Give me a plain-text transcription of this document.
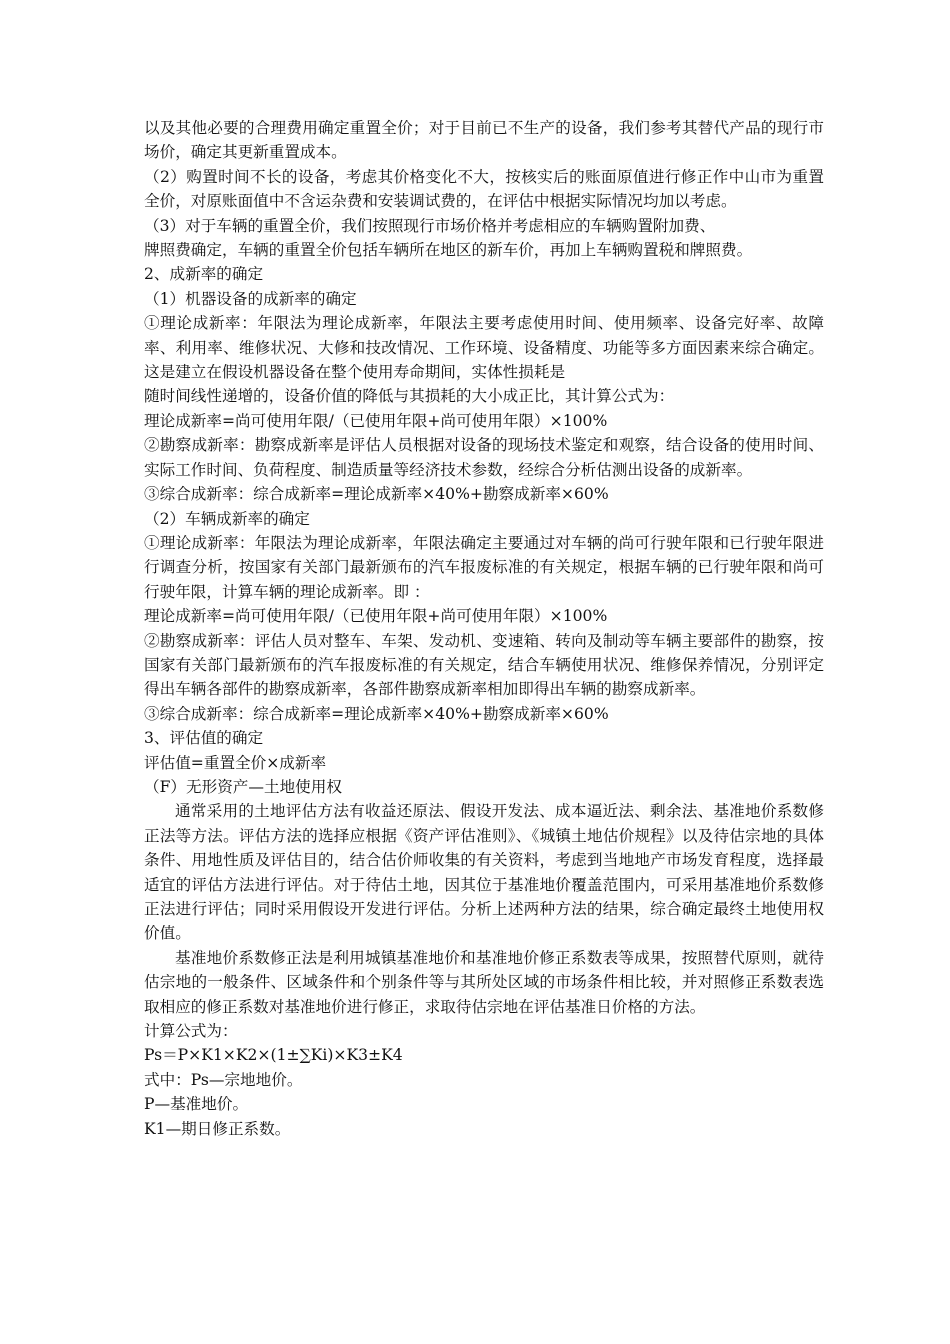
以及其他必要的合理费用确定重置全价；对于目前已不生产的设备，我们参考其替代产品的现行市场价，确定其更新重置成本。

（2）购置时间不长的设备，考虑其价格变化不大，按核实后的账面原值进行修正作中山市为重置全价，对原账面值中不含运杂费和安装调试费的，在评估中根据实际情况均加以考虑。

（3）对于车辆的重置全价，我们按照现行市场价格并考虑相应的车辆购置附加费、

牌照费确定，车辆的重置全价包括车辆所在地区的新车价，再加上车辆购置税和牌照费。

2、成新率的确定

（1）机器设备的成新率的确定

①理论成新率：年限法为理论成新率，年限法主要考虑使用时间、使用频率、设备完好率、故障率、利用率、维修状况、大修和技改情况、工作环境、设备精度、功能等多方面因素来综合确定。这是建立在假设机器设备在整个使用寿命期间，实体性损耗是

随时间线性递增的，设备价值的降低与其损耗的大小成正比，其计算公式为：

理论成新率=尚可使用年限/（已使用年限+尚可使用年限）×100%

②勘察成新率：勘察成新率是评估人员根据对设备的现场技术鉴定和观察，结合设备的使用时间、实际工作时间、负荷程度、制造质量等经济技术参数，经综合分析估测出设备的成新率。

③综合成新率：综合成新率=理论成新率×40%+勘察成新率×60%

（2）车辆成新率的确定

①理论成新率：年限法为理论成新率，年限法确定主要通过对车辆的尚可行驶年限和已行驶年限进行调查分析，按国家有关部门最新颁布的汽车报废标准的有关规定，根据车辆的已行驶年限和尚可行驶年限，计算车辆的理论成新率。即 ：

理论成新率=尚可使用年限/（已使用年限+尚可使用年限）×100%

②勘察成新率：评估人员对整车、车架、发动机、变速箱、转向及制动等车辆主要部件的勘察，按国家有关部门最新颁布的汽车报废标准的有关规定，结合车辆使用状况、维修保养情况，分别评定得出车辆各部件的勘察成新率，各部件勘察成新率相加即得出车辆的勘察成新率。

③综合成新率：综合成新率=理论成新率×40%+勘察成新率×60%

3、评估值的确定

评估值=重置全价×成新率

（F）无形资产—土地使用权

通常采用的土地评估方法有收益还原法、假设开发法、成本逼近法、剩余法、基准地价系数修正法等方法。评估方法的选择应根据《资产评估准则》、《城镇土地估价规程》以及待估宗地的具体条件、用地性质及评估目的，结合估价师收集的有关资料，考虑到当地地产市场发育程度，选择最适宜的评估方法进行评估。对于待估土地，因其位于基准地价覆盖范围内，可采用基准地价系数修正法进行评估；同时采用假设开发进行评估。分析上述两种方法的结果，综合确定最终土地使用权价值。

基准地价系数修正法是利用城镇基准地价和基准地价修正系数表等成果，按照替代原则，就待估宗地的一般条件、区域条件和个别条件等与其所处区域的市场条件相比较，并对照修正系数表选取相应的修正系数对基准地价进行修正，求取待估宗地在评估基准日价格的方法。

计算公式为：

Ps＝P×K1×K2×(1±∑Ki)×K3±K4

式中：Ps—宗地地价。

P—基准地价。

K1—期日修正系数。
